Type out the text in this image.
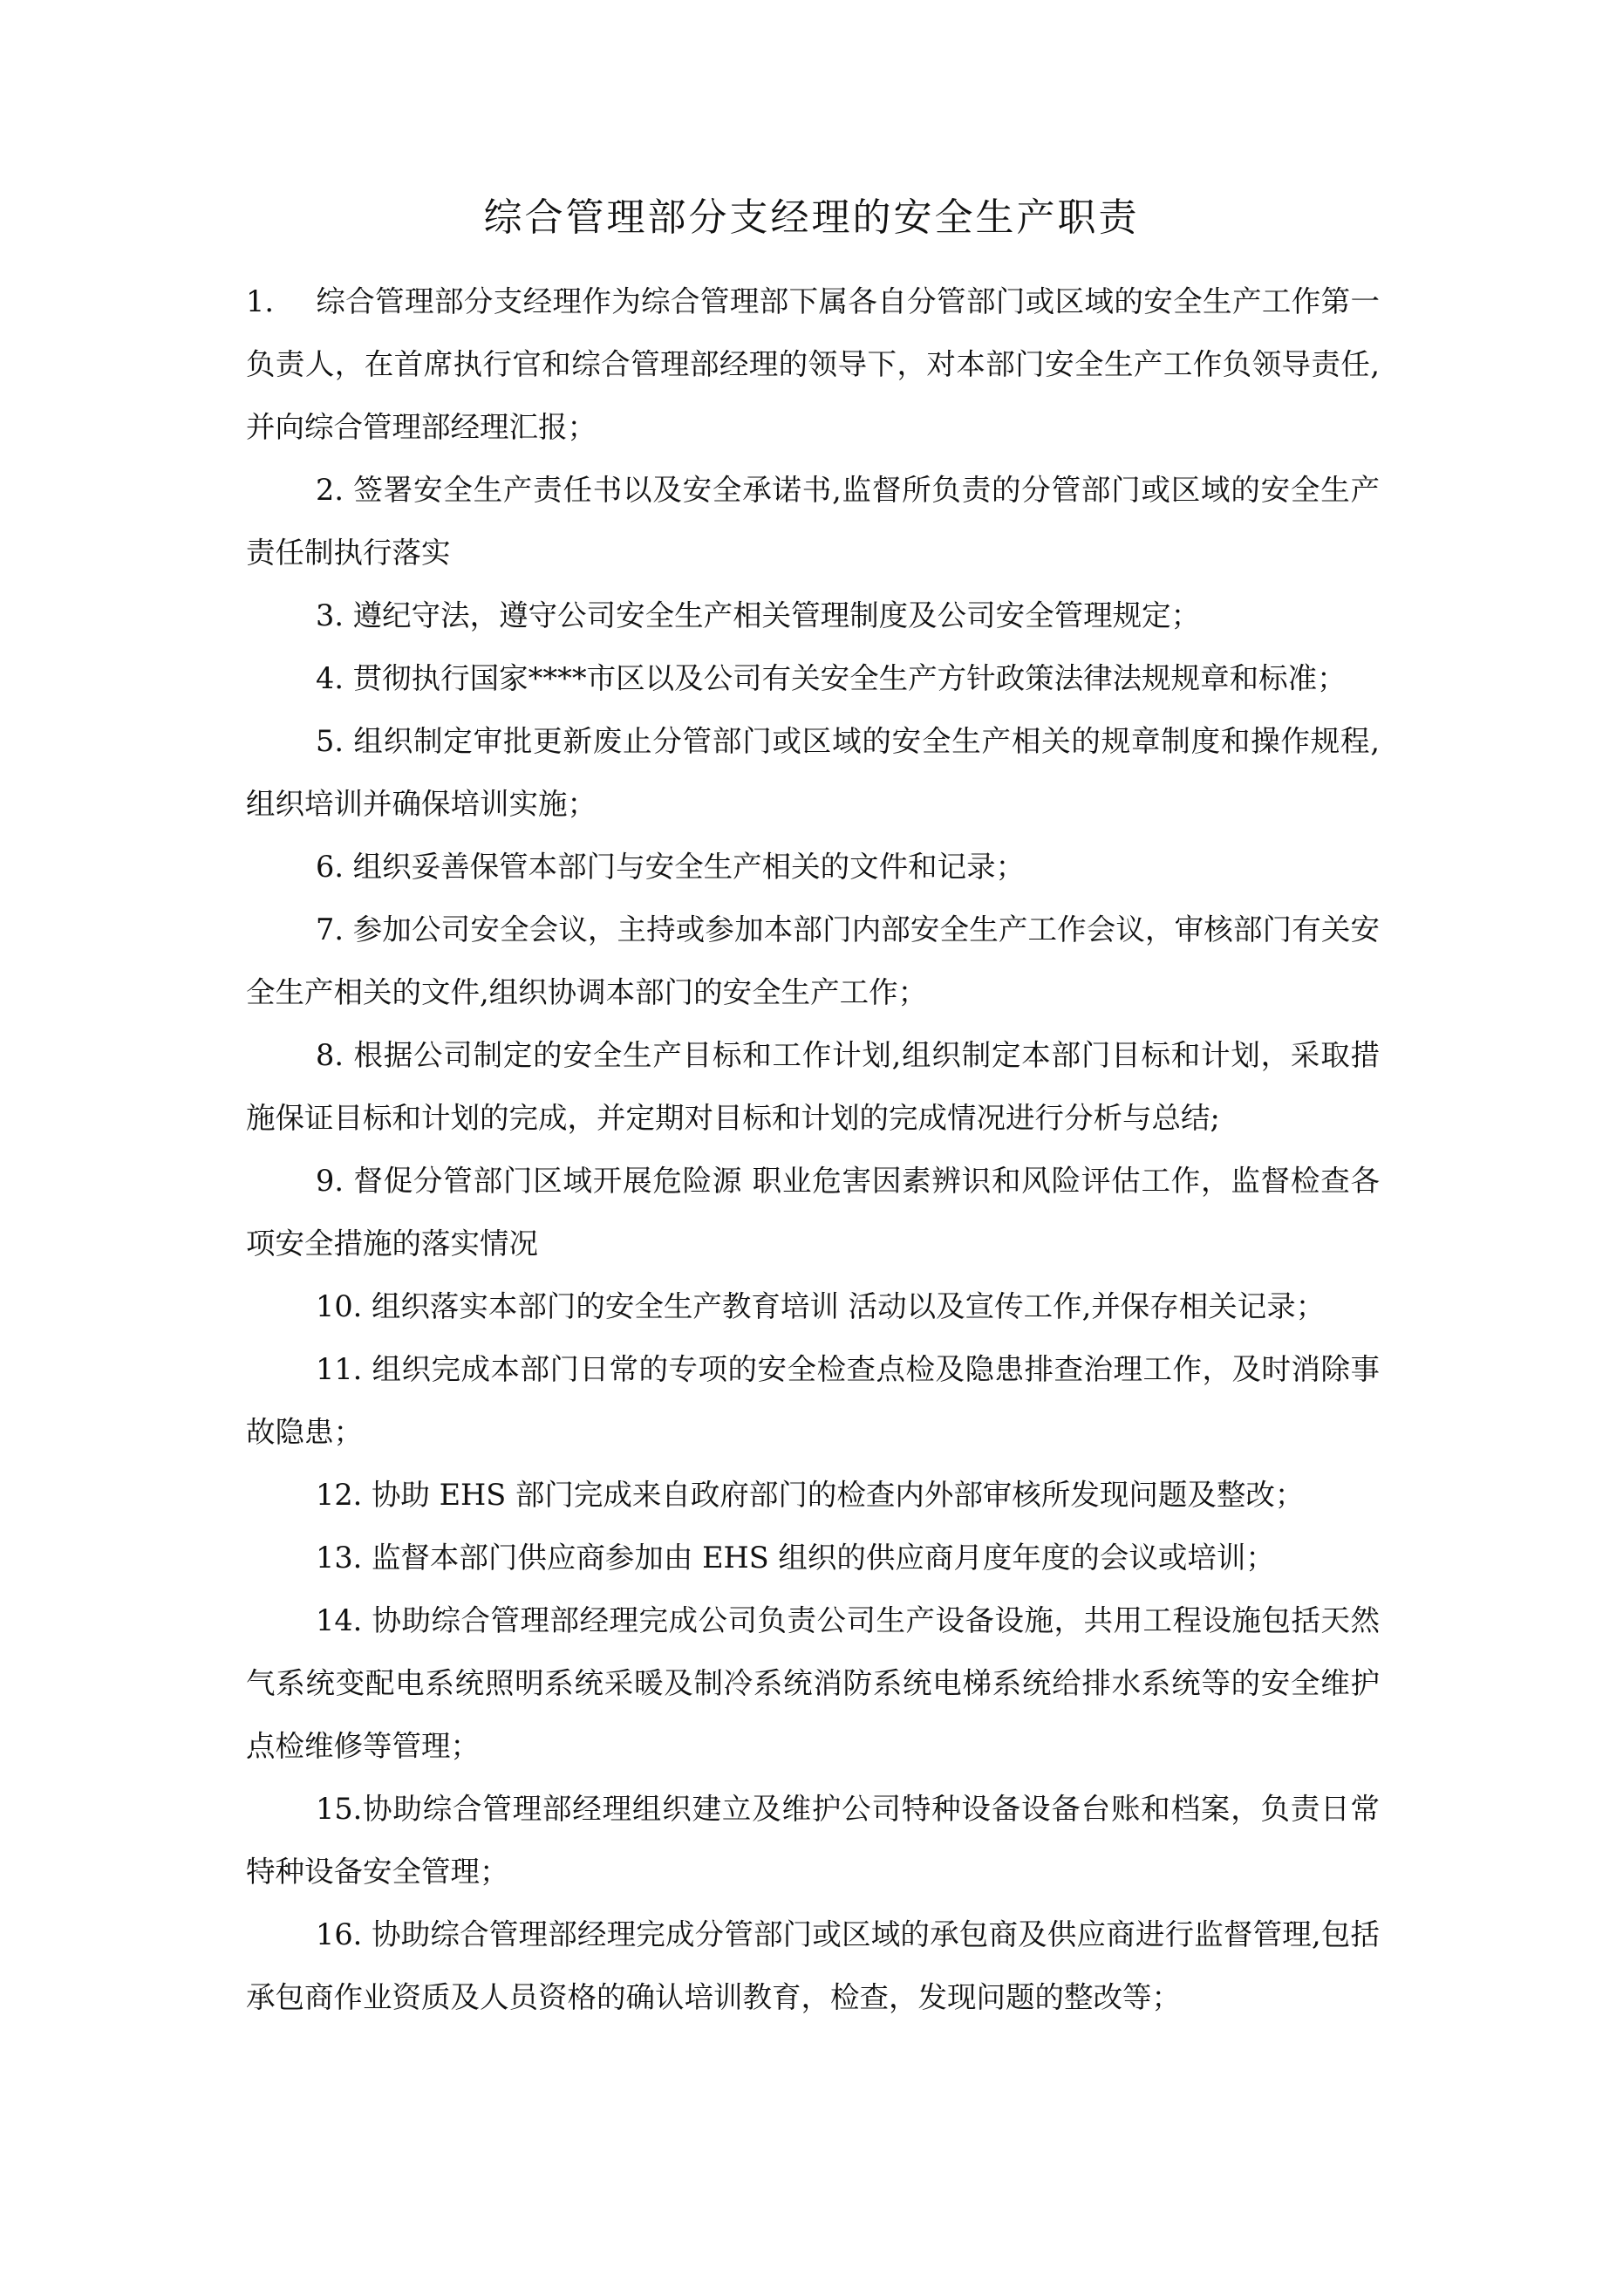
综合管理部分支经理的安全生产职责

1. 综合管理部分支经理作为综合管理部下属各自分管部门或区域的安全生产工作第一负责人，在首席执行官和综合管理部经理的领导下，对本部门安全生产工作负领导责任,并向综合管理部经理汇报；

2. 签署安全生产责任书以及安全承诺书,监督所负责的分管部门或区域的安全生产责任制执行落实

3. 遵纪守法，遵守公司安全生产相关管理制度及公司安全管理规定；

4. 贯彻执行国家****市区以及公司有关安全生产方针政策法律法规规章和标准；

5. 组织制定审批更新废止分管部门或区域的安全生产相关的规章制度和操作规程,组织培训并确保培训实施；

6. 组织妥善保管本部门与安全生产相关的文件和记录；

7. 参加公司安全会议，主持或参加本部门内部安全生产工作会议，审核部门有关安全生产相关的文件,组织协调本部门的安全生产工作；

8. 根据公司制定的安全生产目标和工作计划,组织制定本部门目标和计划，采取措施保证目标和计划的完成，并定期对目标和计划的完成情况进行分析与总结;

9. 督促分管部门区域开展危险源 职业危害因素辨识和风险评估工作，监督检查各项安全措施的落实情况

10. 组织落实本部门的安全生产教育培训 活动以及宣传工作,并保存相关记录；

11. 组织完成本部门日常的专项的安全检查点检及隐患排查治理工作，及时消除事故隐患；

12. 协助 EHS 部门完成来自政府部门的检查内外部审核所发现问题及整改；

13. 监督本部门供应商参加由 EHS 组织的供应商月度年度的会议或培训；

14. 协助综合管理部经理完成公司负责公司生产设备设施，共用工程设施包括天然气系统变配电系统照明系统采暖及制冷系统消防系统电梯系统给排水系统等的安全维护点检维修等管理；

15.协助综合管理部经理组织建立及维护公司特种设备设备台账和档案，负责日常特种设备安全管理；

16. 协助综合管理部经理完成分管部门或区域的承包商及供应商进行监督管理,包括承包商作业资质及人员资格的确认培训教育，检查，发现问题的整改等；
